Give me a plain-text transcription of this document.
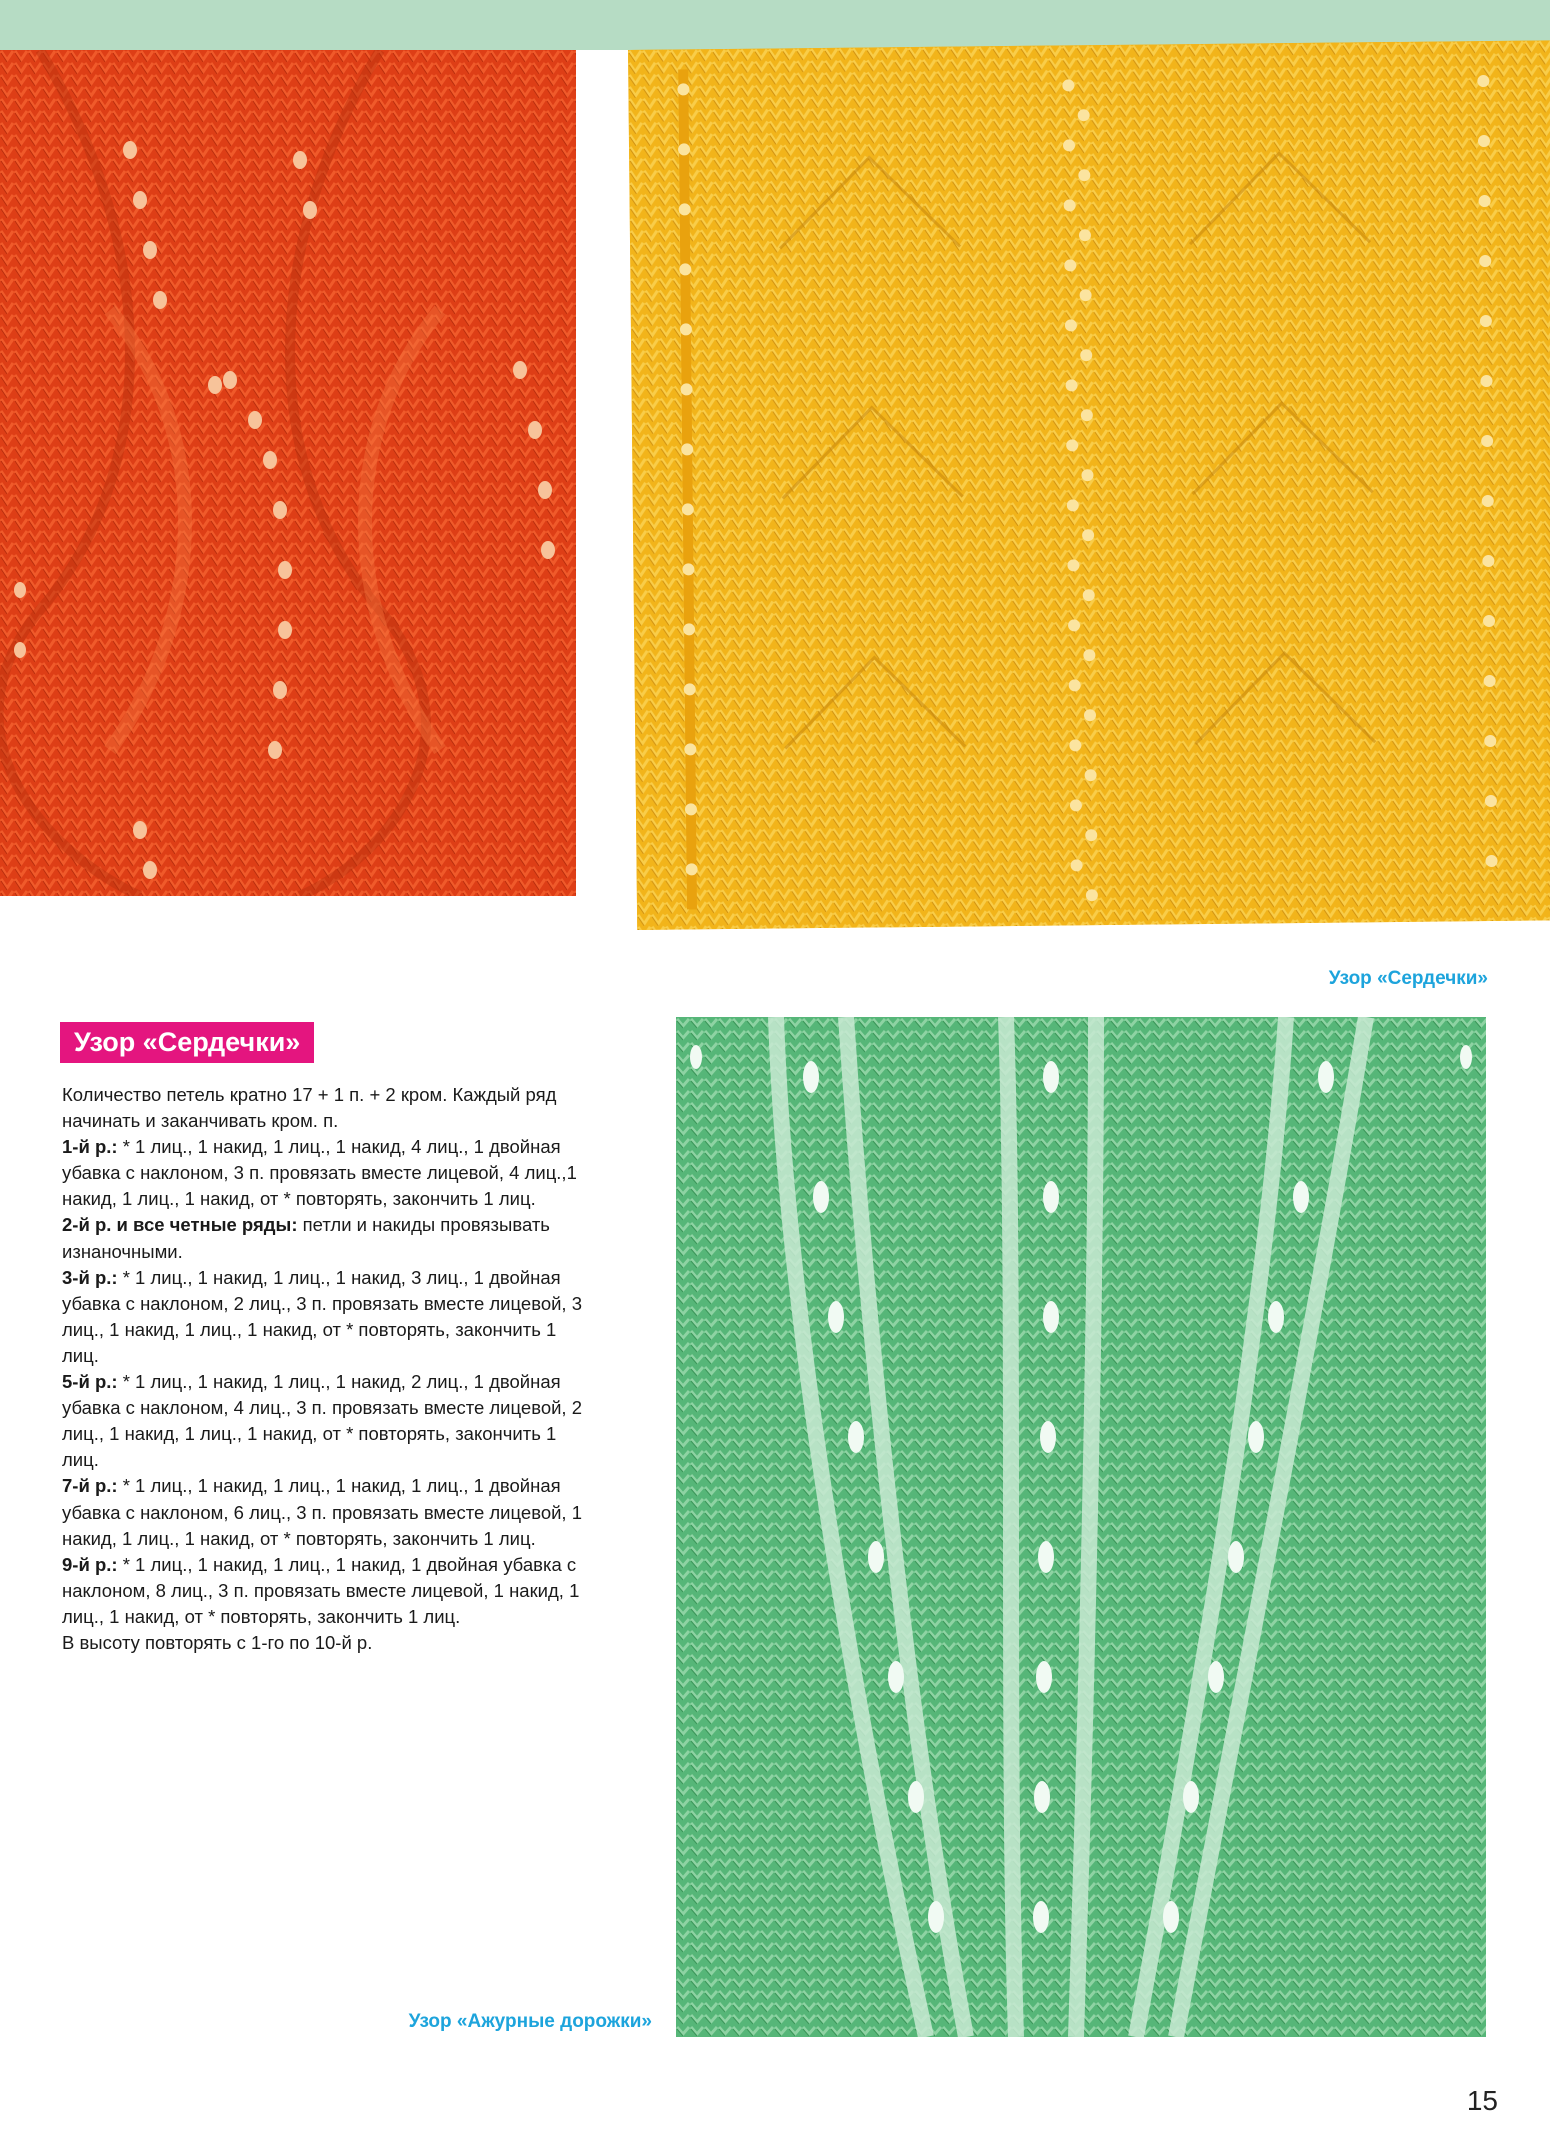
Узор «Сердечки»
Узор «Ажурные дорожки»
Узор «Сердечки»

Количество петель кратно 17 + 1 п. + 2 кром. Каждый ряд начинать и заканчивать кром. п.

1-й р.: * 1 лиц., 1 накид, 1 лиц., 1 накид, 4 лиц., 1 двойная убавка с наклоном, 3 п. провязать вместе лицевой, 4 лиц.,1 накид, 1 лиц., 1 накид, от * повторять, закончить 1 лиц.

2-й р. и все четные ряды: петли и накиды провязывать изнаночными.

3-й р.: * 1 лиц., 1 накид, 1 лиц., 1 накид, 3 лиц., 1 двойная убавка с наклоном, 2 лиц., 3 п. провязать вместе лицевой, 3 лиц., 1 накид, 1 лиц., 1 накид, от * повторять, закончить 1 лиц.

5-й р.: * 1 лиц., 1 накид, 1 лиц., 1 накид, 2 лиц., 1 двойная убавка с наклоном, 4 лиц., 3 п. провязать вместе лицевой, 2 лиц., 1 накид, 1 лиц., 1 накид, от * повторять, закончить 1 лиц.

7-й р.: * 1 лиц., 1 накид, 1 лиц., 1 накид, 1 лиц., 1 двойная убавка с наклоном, 6 лиц., 3 п. провязать вместе лицевой, 1 накид, 1 лиц., 1 накид, от * повторять, закончить 1 лиц.

9-й р.: * 1 лиц., 1 накид, 1 лиц., 1 накид, 1 двойная убавка с наклоном, 8 лиц., 3 п. провязать вместе лицевой, 1 накид, 1 лиц., 1 накид, от * повторять, закончить 1 лиц.

В высоту повторять с 1-го по 10-й р.

15
